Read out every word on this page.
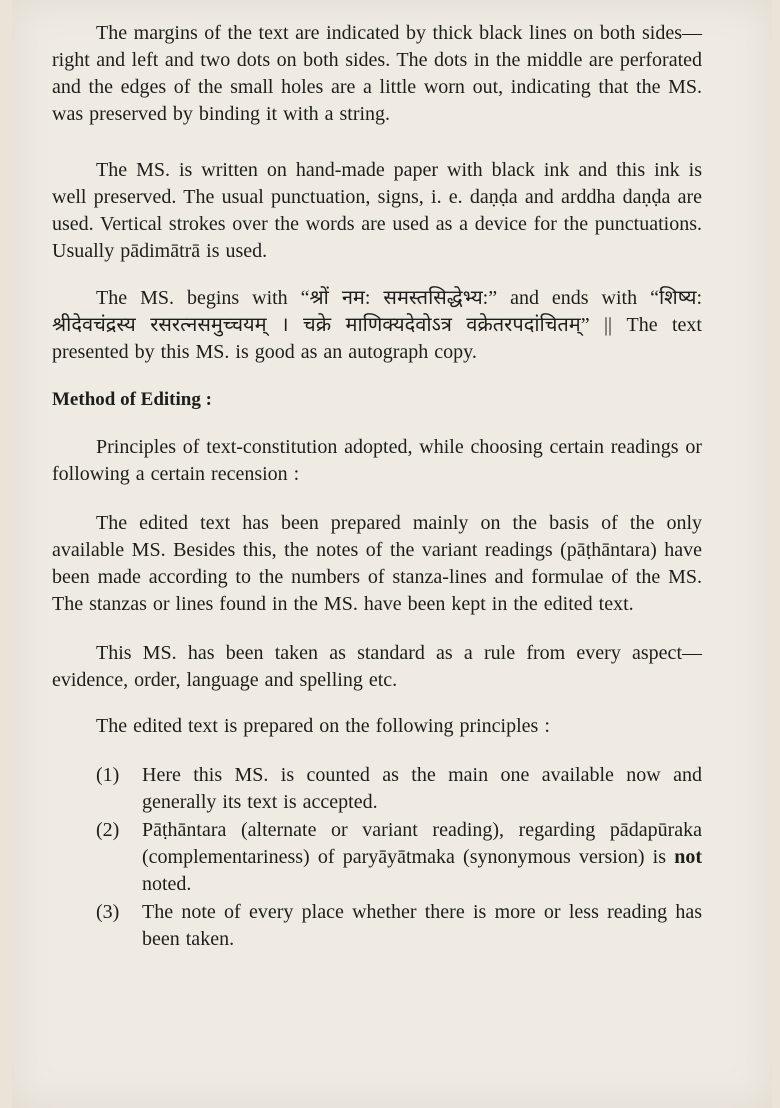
The margins of the text are indicated by thick black lines on both sides—right and left and two dots on both sides. The dots in the middle are perforated and the edges of the small holes are a little worn out, indicating that the MS. was preserved by binding it with a string.

The MS. is written on hand-made paper with black ink and this ink is well preserved. The usual punctuation, signs, i. e. daṇḍa and arddha daṇḍa are used. Vertical strokes over the words are used as a device for the punctuations. Usually pādimātrā is used.

The MS. begins with “श्रों नम: समस्तसिद्धेभ्य:” and ends with “शिष्य: श्रीदेवचंद्रस्य रसरत्नसमुच्चयम् । चक्रे माणिक्यदेवोऽत्र वक्रेतरपदांचितम्” || The text presented by this MS. is good as an autograph copy.

Method of Editing :

Principles of text-constitution adopted, while choosing certain readings or following a certain recension :

The edited text has been prepared mainly on the basis of the only available MS. Besides this, the notes of the variant readings (pāṭhāntara) have been made according to the numbers of stanza-lines and formulae of the MS. The stanzas or lines found in the MS. have been kept in the edited text.

This MS. has been taken as standard as a rule from every aspect—evidence, order, language and spelling etc.

The edited text is prepared on the following principles :

(1)	Here this MS. is counted as the main one available now and generally its text is accepted.
(2)	Pāṭhāntara (alternate or variant reading), regarding pādapūraka (complementariness) of paryāyātmaka (synonymous version) is not noted.
(3)	The note of every place whether there is more or less reading has been taken.
